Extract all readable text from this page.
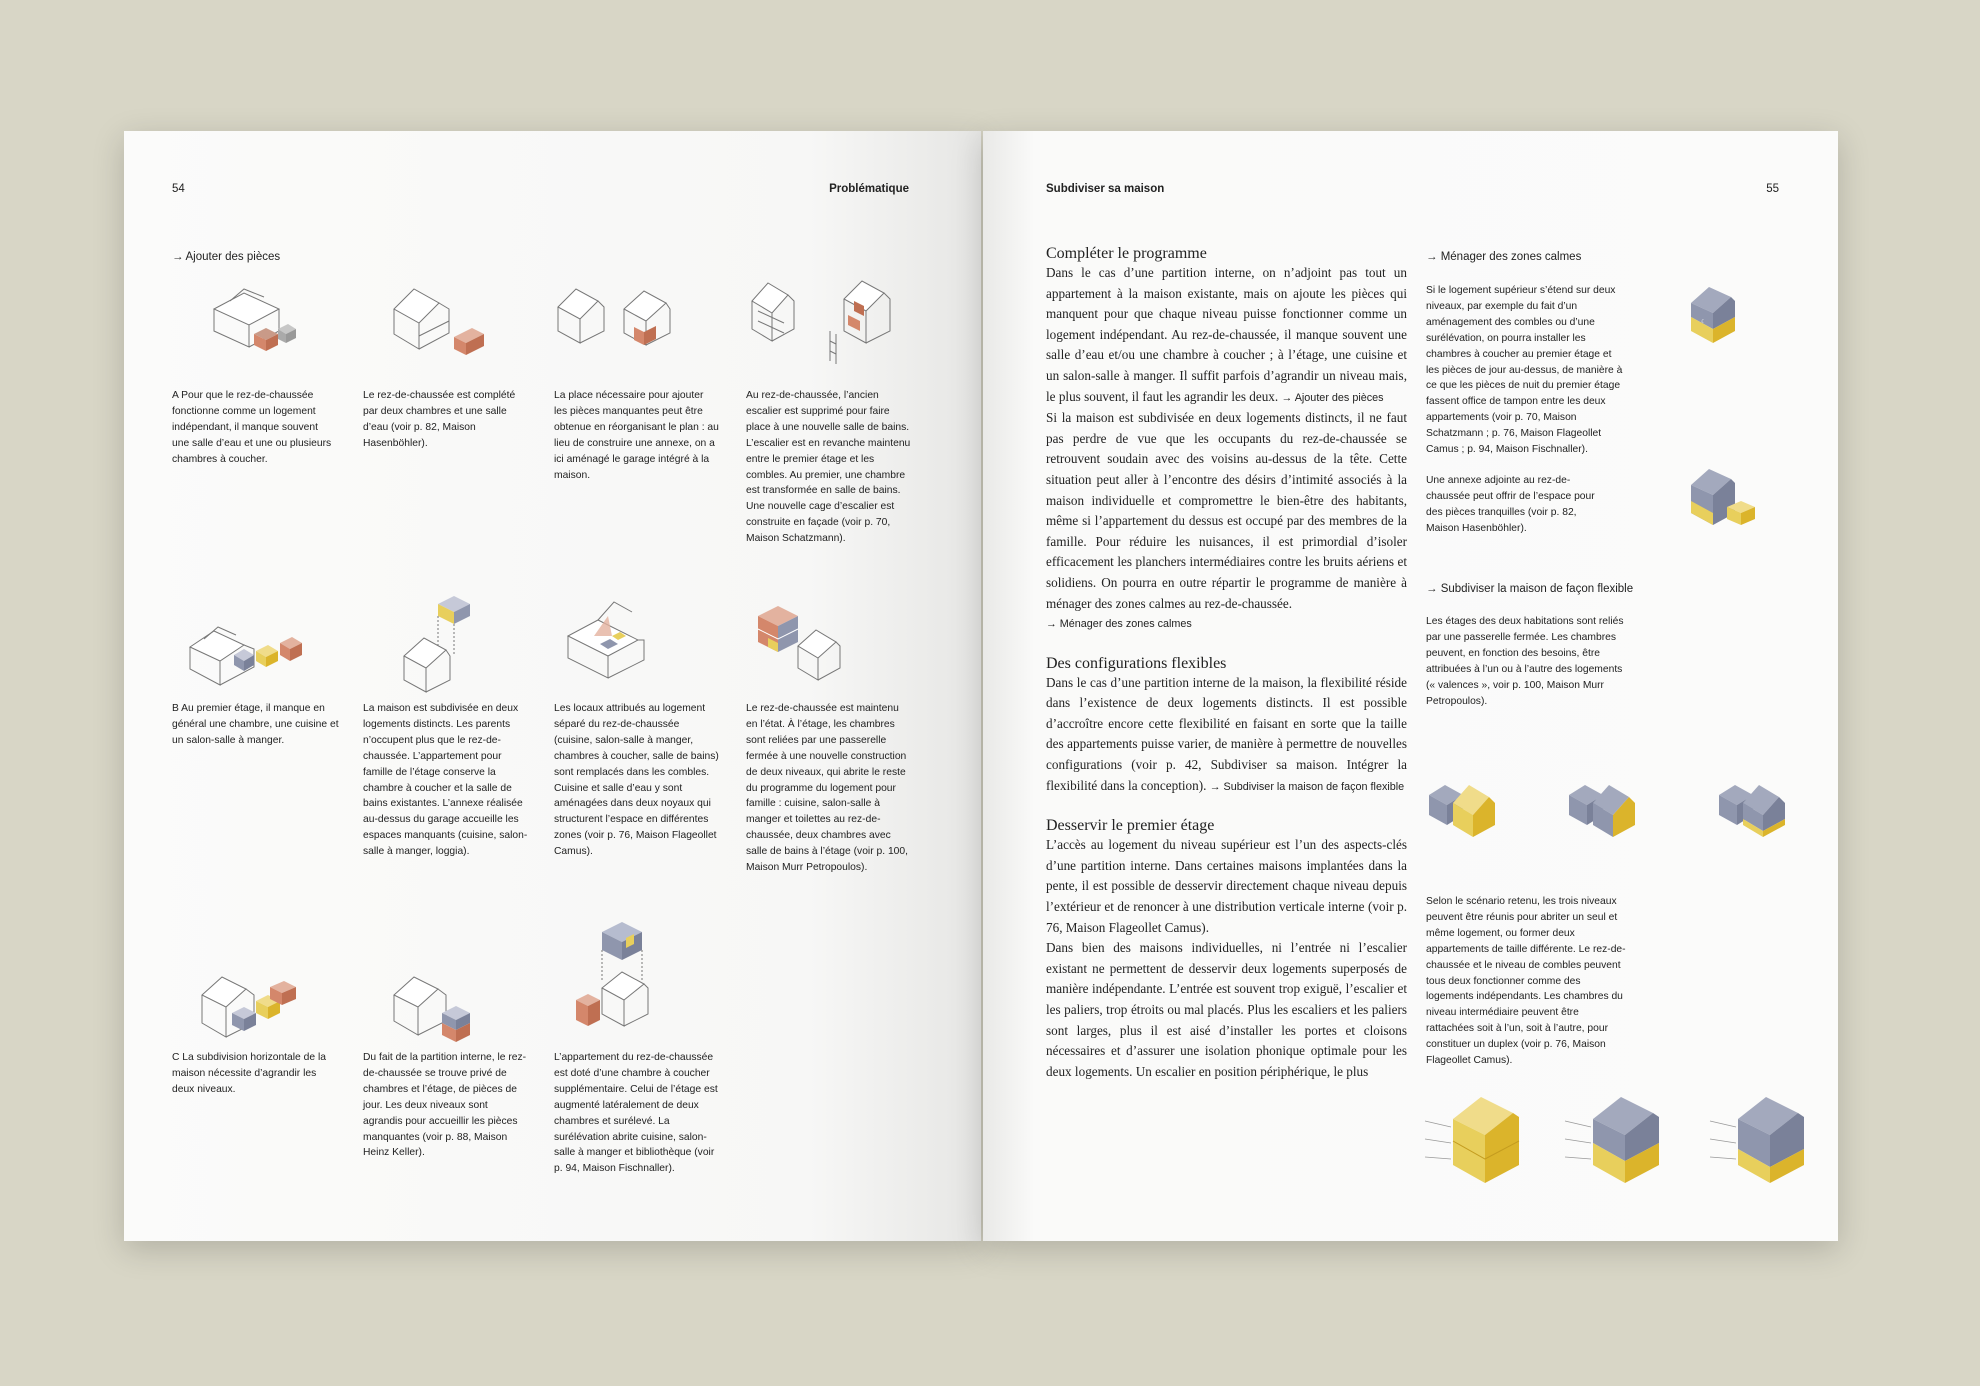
54	Problématique
→ Ajouter des pièces
A Pour que le rez-de-chaussée fonctionne comme un logement indépendant, il manque souvent une salle d’eau et une ou plusieurs chambres à coucher.
Le rez-de-chaussée est complété par deux chambres et une salle d’eau (voir p. 82, Maison Hasenböhler).
La place nécessaire pour ajouter les pièces manquantes peut être obtenue en réorganisant le plan : au lieu de construire une annexe, on a ici aménagé le garage intégré à la maison.
Au rez-de-chaussée, l’ancien escalier est supprimé pour faire place à une nouvelle salle de bains. L’escalier est en revanche maintenu entre le premier étage et les combles. Au premier, une chambre est transformée en salle de bains. Une nouvelle cage d’escalier est construite en façade (voir p. 70, Maison Schatzmann).
B Au premier étage, il manque en général une chambre, une cuisine et un salon-salle à manger.
La maison est subdivisée en deux logements distincts. Les parents n’occupent plus que le rez-de-chaussée. L’appartement pour famille de l’étage conserve la chambre à coucher et la salle de bains existantes. L’annexe réalisée au-dessus du garage accueille les espaces manquants (cuisine, salon-salle à manger, loggia).
Les locaux attribués au logement séparé du rez-de-chaussée (cuisine, salon-salle à manger, chambres à coucher, salle de bains) sont remplacés dans les combles. Cuisine et salle d’eau y sont aménagées dans deux noyaux qui structurent l’espace en différentes zones (voir p. 76, Maison Flageollet Camus).
Le rez-de-chaussée est maintenu en l’état. À l’étage, les chambres sont reliées par une passerelle fermée à une nouvelle construction de deux niveaux, qui abrite le reste du programme du logement pour famille : cuisine, salon-salle à manger et toilettes au rez-de-chaussée, deux chambres avec salle de bains à l’étage (voir p. 100, Maison Murr Petropoulos).
C La subdivision horizontale de la maison nécessite d’agrandir les deux niveaux.
Du fait de la partition interne, le rez-de-chaussée se trouve privé de chambres et l’étage, de pièces de jour. Les deux niveaux sont agrandis pour accueillir les pièces manquantes (voir p. 88, Maison Heinz Keller).
L’appartement du rez-de-chaussée est doté d’une chambre à coucher supplémentaire. Celui de l’étage est augmenté latéralement de deux chambres et surélevé. La surélévation abrite cuisine, salon-salle à manger et bibliothèque (voir p. 94, Maison Fischnaller).
Subdiviser sa maison	55
Compléter le programme

Dans le cas d’une partition interne, on n’adjoint pas tout un appartement à la maison existante, mais on ajoute les pièces qui manquent pour que chaque niveau puisse fonctionner comme un logement indépendant. Au rez-de-chaussée, il manque souvent une salle d’eau et/ou une chambre à coucher ; à l’étage, une cuisine et un salon-salle à manger. Il suffit parfois d’agrandir un niveau mais, le plus souvent, il faut les agrandir les deux. → Ajouter des pièces

Si la maison est subdivisée en deux logements distincts, il ne faut pas perdre de vue que les occupants du rez-de-chaussée se retrouvent soudain avec des voisins au-dessus de la tête. Cette situation peut aller à l’encontre des désirs d’intimité associés à la maison individuelle et compromettre le bien-être des habitants, même si l’appartement du dessus est occupé par des membres de la famille. Pour réduire les nuisances, il est primordial d’isoler efficacement les planchers intermédiaires contre les bruits aériens et solidiens. On pourra en outre répartir le programme de manière à ménager des zones calmes au rez-de-chaussée.

→ Ménager des zones calmes

Des configurations flexibles

Dans le cas d’une partition interne de la maison, la flexibilité réside dans l’existence de deux logements distincts. Il est possible d’accroître encore cette flexibilité en faisant en sorte que la taille des appartements puisse varier, de manière à permettre de nouvelles configurations (voir p. 42, Subdiviser sa maison. Intégrer la flexibilité dans la conception). → Subdiviser la maison de façon flexible

Desservir le premier étage

L’accès au logement du niveau supérieur est l’un des aspects-clés d’une partition interne. Dans certaines maisons implantées dans la pente, il est possible de desservir directement chaque niveau depuis l’extérieur et de renoncer à une distribution verticale interne (voir p. 76, Maison Flageollet Camus).

Dans bien des maisons individuelles, ni l’entrée ni l’escalier existant ne permettent de desservir deux logements superposés de manière indépendante. L’entrée est souvent trop exiguë, l’escalier et les paliers, trop étroits ou mal placés. Plus les escaliers et les paliers sont larges, plus il est aisé d’installer les portes et cloisons nécessaires et d’assurer une isolation phonique optimale pour les deux logements. Un escalier en position périphérique, le plus

→ Ménager des zones calmes
Si le logement supérieur s’étend sur deux niveaux, par exemple du fait d’un aménagement des combles ou d’une surélévation, on pourra installer les chambres à coucher au premier étage et les pièces de jour au-dessus, de manière à ce que les pièces de nuit du premier étage fassent office de tampon entre les deux appartements (voir p. 70, Maison Schatzmann ; p. 76, Maison Flageollet Camus ; p. 94, Maison Fischnaller).
Une annexe adjointe au rez-de-chaussée peut offrir de l’espace pour des pièces tranquilles (voir p. 82, Maison Hasenböhler).
☾
→ Subdiviser la maison de façon flexible
Les étages des deux habitations sont reliés par une passerelle fermée. Les chambres peuvent, en fonction des besoins, être attribuées à l’un ou à l’autre des logements (« valences », voir p. 100, Maison Murr Petropoulos).
Selon le scénario retenu, les trois niveaux peuvent être réunis pour abriter un seul et même logement, ou former deux appartements de taille différente. Le rez-de-chaussée et le niveau de combles peuvent tous deux fonctionner comme des logements indépendants. Les chambres du niveau intermédiaire peuvent être rattachées soit à l’un, soit à l’autre, pour constituer un duplex (voir p. 76, Maison Flageollet Camus).
